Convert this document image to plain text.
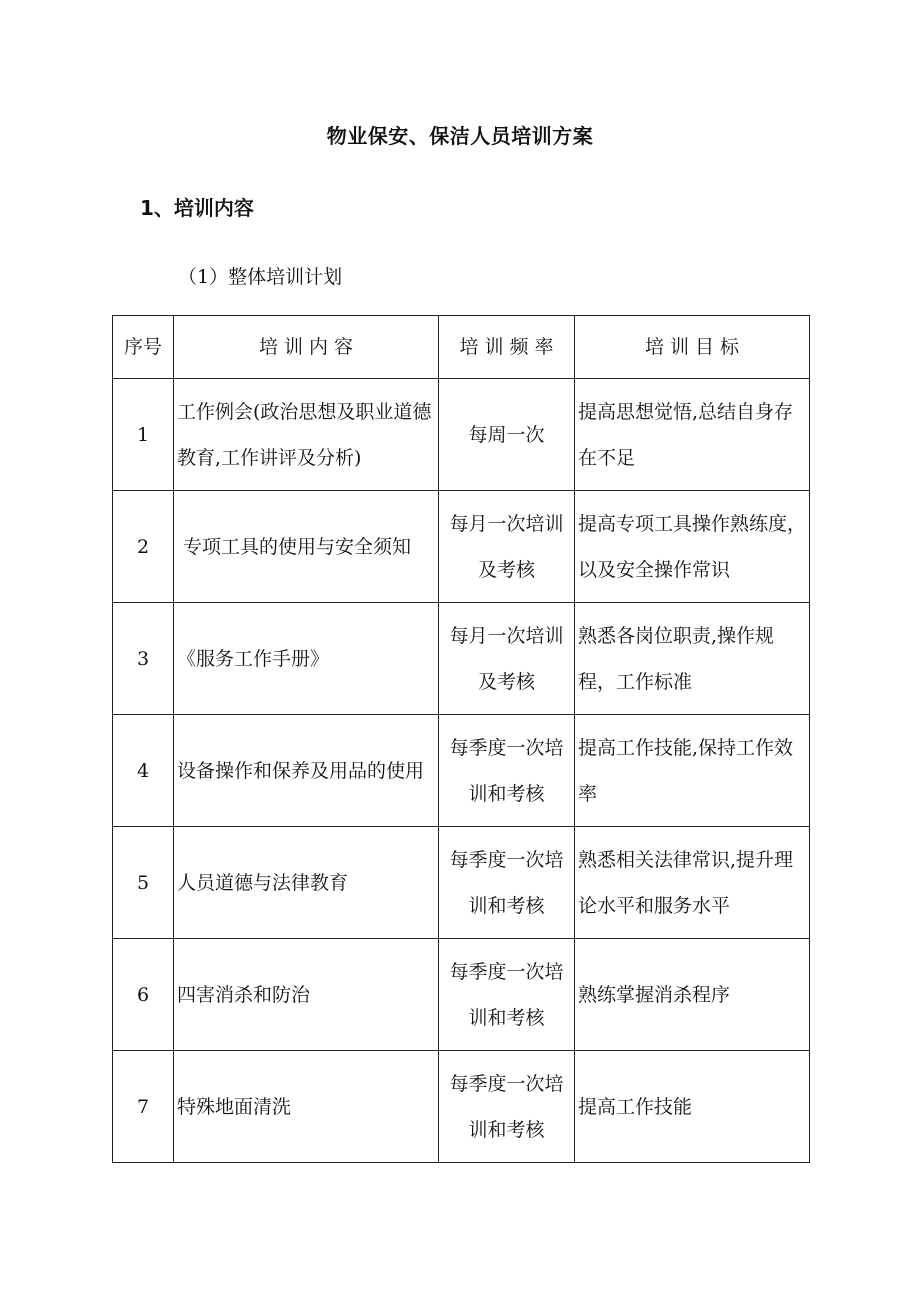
物业保安、保洁人员培训方案
1、培训内容

（1）整体培训计划

序号	培 训 内 容	培 训 频 率	培 训 目 标
1	工作例会(政治思想及职业道德教育,工作讲评及分析)	每周一次	提高思想觉悟,总结自身存在不足
2	专项工具的使用与安全须知	每月一次培训及考核	提高专项工具操作熟练度，以及安全操作常识
3	《服务工作手册》	每月一次培训及考核	熟悉各岗位职责,操作规程，工作标准
4	设备操作和保养及用品的使用	每季度一次培训和考核	提高工作技能,保持工作效率
5	人员道德与法律教育	每季度一次培训和考核	熟悉相关法律常识,提升理论水平和服务水平
6	四害消杀和防治	每季度一次培训和考核	熟练掌握消杀程序
7	特殊地面清洗	每季度一次培训和考核	提高工作技能
